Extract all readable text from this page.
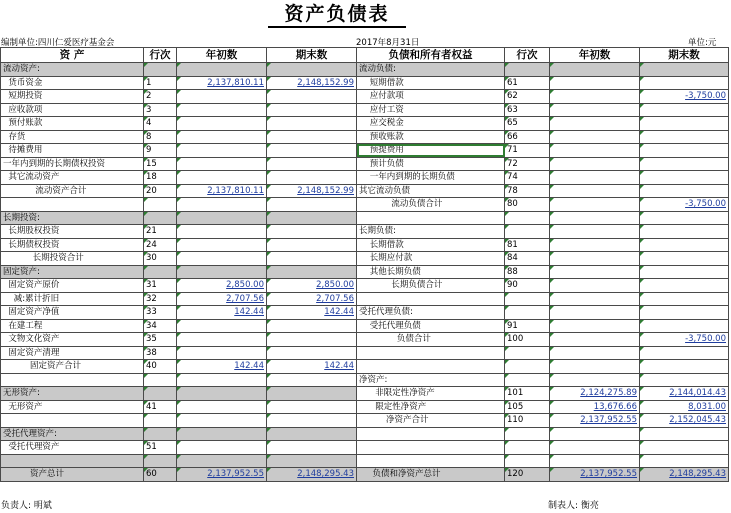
资产负债表
编制单位:四川仁爱医疗基金会	2017年8月31日	单位:元
资 产	行次	年初数	期末数	负债和所有者权益	行次	年初数	期末数
流动资产:				流动负债:			
货币资金	1	2,137,810.11	2,148,152.99	短期借款	61		
短期投资	2			应付款项	62		-3,750.00
应收款项	3			应付工资	63		
预付账款	4			应交税金	65		
存货	8			预收账款	66		
待摊费用	9			预提费用	71		
一年内到期的长期债权投资	15			预计负债	72		
其它流动资产	18			一年内到期的长期负债	74		
流动资产合计	20	2,137,810.11	2,148,152.99	其它流动负债	78		
				流动负债合计	80		-3,750.00
长期投资:							
长期股权投资	21			长期负债:			
长期债权投资	24			长期借款	81		
长期投资合计	30			长期应付款	84		
固定资产:				其他长期负债	88		
固定资产原价	31	2,850.00	2,850.00	长期负债合计	90		
减:累计折旧	32	2,707.56	2,707.56				
固定资产净值	33	142.44	142.44	受托代理负债:			
在建工程	34			受托代理负债	91		
文物文化资产	35			负债合计	100		-3,750.00
固定资产清理	38						
固定资产合计	40	142.44	142.44				
				净资产:			
无形资产:				非限定性净资产	101	2,124,275.89	2,144,014.43
无形资产	41			限定性净资产	105	13,676.66	8,031.00
				净资产合计	110	2,137,952.55	2,152,045.43
受托代理资产:							
受托代理资产	51						

资产总计	60	2,137,952.55	2,148,295.43	负债和净资产总计	120	2,137,952.55	2,148,295.43
负责人: 明斌	制表人: 衡亮
